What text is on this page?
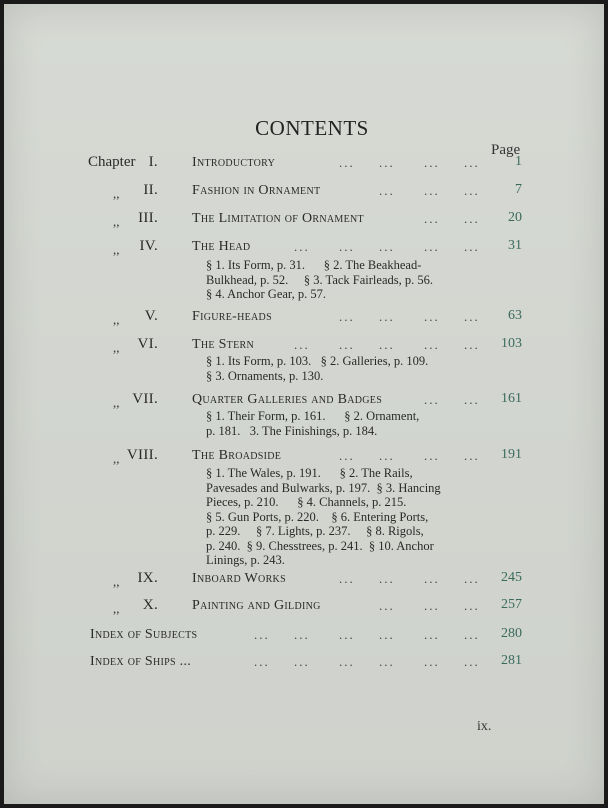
CONTENTS
Page
Chapter I. Introductory	... ... ... ...	1
,, II. Fashion in Ornament	... ... ...	7
,, III. The Limitation of Ornament	... ... 20
,, IV. The Head	... ... ... ... ... 31
§ 1. Its Form, p. 31.      § 2. The Beakhead-
Bulkhead, p. 52.     § 3. Tack Fairleads, p. 56.
§ 4. Anchor Gear, p. 57.
,, V. Figure-heads	... ... ... ... 63
,, VI. The Stern	... ... ... ... ... 103
§ 1. Its Form, p. 103.   § 2. Galleries, p. 109.
§ 3. Ornaments, p. 130.
,, VII. Quarter Galleries and Badges	... ... 161
§ 1. Their Form, p. 161.      § 2. Ornament,
p. 181.   3. The Finishings, p. 184.
,, VIII. The Broadside	... ... ... ... 191
§ 1. The Wales, p. 191.      § 2. The Rails,
Pavesades and Bulwarks, p. 197.  § 3. Hancing
Pieces, p. 210.      § 4. Channels, p. 215.
§ 5. Gun Ports, p. 220.    § 6. Entering Ports,
p. 229.     § 7. Lights, p. 237.     § 8. Rigols,
p. 240.  § 9. Chesstrees, p. 241.  § 10. Anchor
Linings, p. 243.
,, IX. Inboard Works	... ... ... ... 245
,, X. Painting and Gilding	... ... ... 257
Index of Subjects	... ... ... ... ... ... 280
Index of Ships ...	... ... ... ... ... ... 281
ix.
